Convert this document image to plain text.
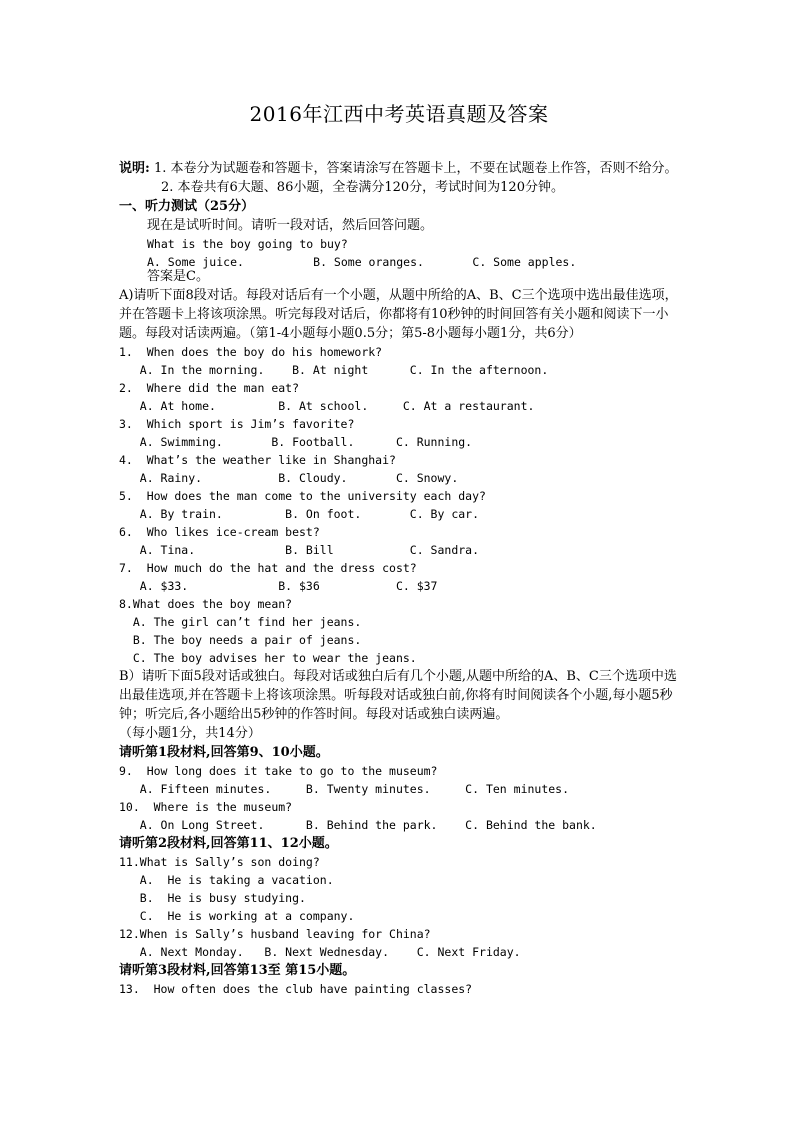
2016年江西中考英语真题及答案
说明: 1. 本卷分为试题卷和答题卡，答案请涂写在答题卡上，不要在试题卷上作答，否则不给分。
2. 本卷共有6大题、86小题，全卷满分120分，考试时间为120分钟。
一、听力测试（25分）
现在是试听时间。请听一段对话，然后回答问题。
What is the boy going to buy?
A. Some juice.          B. Some oranges.       C. Some apples.
答案是C。
A)请听下面8段对话。每段对话后有一个小题，从题中所给的A、B、C三个选项中选出最佳选项，并在答题卡上将该项涂黑。听完每段对话后，你都将有10秒钟的时间回答有关小题和阅读下一小题。每段对话读两遍。（第1-4小题每小题0.5分；第5-8小题每小题1分，共6分）
1.  When does the boy do his homework?
A. In the morning.    B. At night      C. In the afternoon.
2.  Where did the man eat?
A. At home.         B. At school.     C. At a restaurant.
3.  Which sport is Jim’s favorite?
A. Swimming.       B. Football.      C. Running.
4.  What’s the weather like in Shanghai?
A. Rainy.           B. Cloudy.       C. Snowy.
5.  How does the man come to the university each day?
A. By train.         B. On foot.       C. By car.
6.  Who likes ice-cream best?
A. Tina.             B. Bill           C. Sandra.
7.  How much do the hat and the dress cost?
A. $33.             B. $36           C. $37
8.What does the boy mean?
A. The girl can’t find her jeans.
B. The boy needs a pair of jeans.
C. The boy advises her to wear the jeans.
B）请听下面5段对话或独白。每段对话或独白后有几个小题,从题中所给的A、B、C三个选项中选出最佳选项,并在答题卡上将该项涂黑。听每段对话或独白前,你将有时间阅读各个小题,每小题5秒钟；听完后,各小题给出5秒钟的作答时间。每段对话或独白读两遍。
（每小题1分，共14分）
请听第1段材料,回答第9、10小题。
9.  How long does it take to go to the museum?
A. Fifteen minutes.     B. Twenty minutes.     C. Ten minutes.
10.  Where is the museum?
A. On Long Street.      B. Behind the park.    C. Behind the bank.
请听第2段材料,回答第11、12小题。
11.What is Sally’s son doing?
A.  He is taking a vacation.
B.  He is busy studying.
C.  He is working at a company.
12.When is Sally’s husband leaving for China?
A. Next Monday.   B. Next Wednesday.    C. Next Friday.
请听第3段材料,回答第13至 第15小题。
13.  How often does the club have painting classes?
